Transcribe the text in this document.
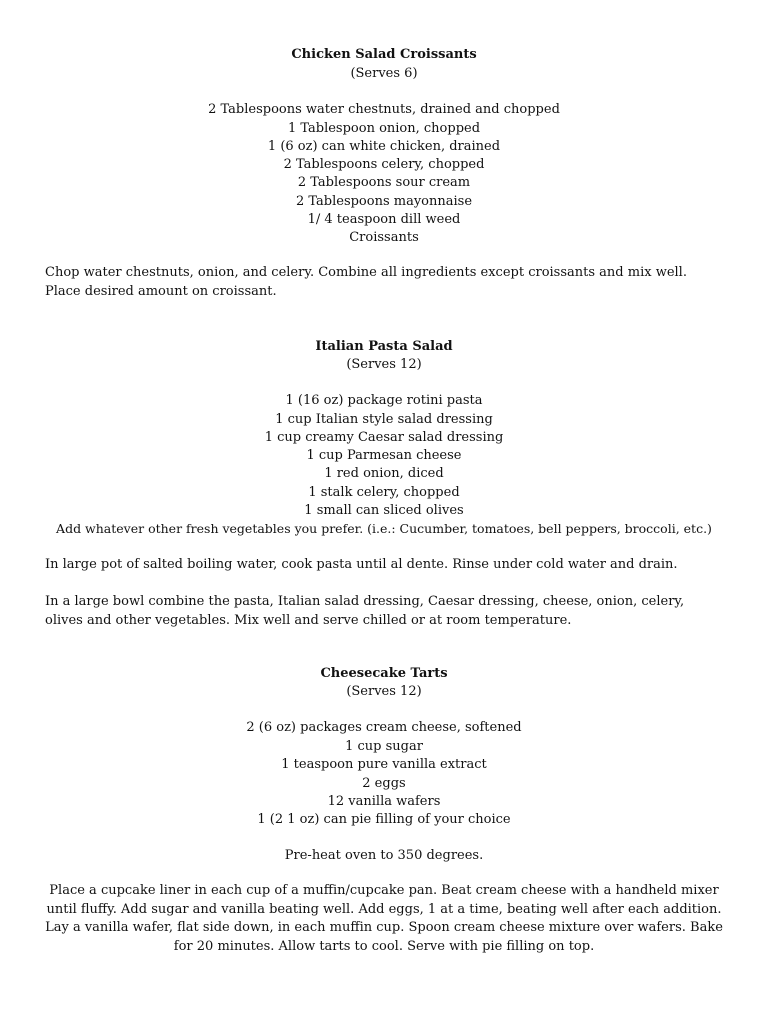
Chicken Salad Croissants
(Serves 6)
2 Tablespoons water chestnuts, drained and chopped
1 Tablespoon onion, chopped
1 (6 oz) can white chicken, drained
2 Tablespoons celery, chopped
2 Tablespoons sour cream
2 Tablespoons mayonnaise
1/ 4 teaspoon dill weed
Croissants
Chop water chestnuts, onion, and celery. Combine all ingredients except croissants and mix well. Place desired amount on croissant.
Italian Pasta Salad
(Serves 12)
1 (16 oz) package rotini pasta
1 cup Italian style salad dressing
1 cup creamy Caesar salad dressing
1 cup Parmesan cheese
1 red onion, diced
1 stalk celery, chopped
1 small can sliced olives
Add whatever other fresh vegetables you prefer. (i.e.: Cucumber, tomatoes, bell peppers, broccoli, etc.)
In large pot of salted boiling water, cook pasta until al dente. Rinse under cold water and drain.
In a large bowl combine the pasta, Italian salad dressing, Caesar dressing, cheese, onion, celery, olives and other vegetables. Mix well and serve chilled or at room temperature.
Cheesecake Tarts
(Serves 12)
2 (6 oz) packages cream cheese, softened
1 cup sugar
1 teaspoon pure vanilla extract
2 eggs
12 vanilla wafers
1 (2 1 oz) can pie filling of your choice
Pre-heat oven to 350 degrees.
Place a cupcake liner in each cup of a muffin/cupcake pan. Beat cream cheese with a handheld mixer until fluffy. Add sugar and vanilla beating well. Add eggs, 1 at a time, beating well after each addition. Lay a vanilla wafer, flat side down, in each muffin cup. Spoon cream cheese mixture over wafers. Bake for 20 minutes. Allow tarts to cool. Serve with pie filling on top.
